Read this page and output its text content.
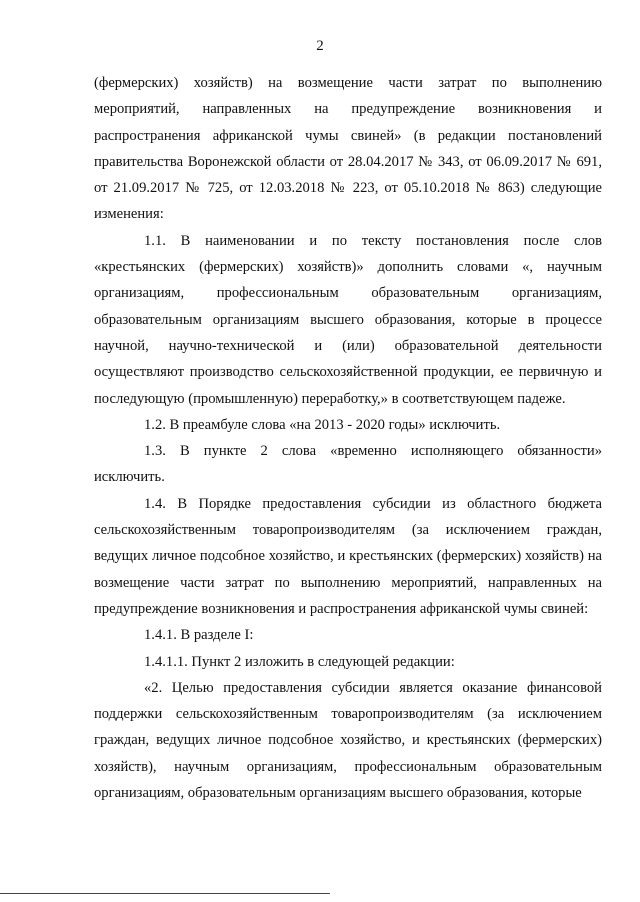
2

(фермерских) хозяйств) на возмещение части затрат по выполнению мероприятий, направленных на предупреждение возникновения и распространения африканской чумы свиней» (в редакции постановлений правительства Воронежской области от 28.04.2017 № 343, от 06.09.2017 № 691, от 21.09.2017 № 725, от 12.03.2018 № 223, от 05.10.2018 № 863) следующие изменения:

1.1. В наименовании и по тексту постановления после слов «крестьянских (фермерских) хозяйств)» дополнить словами «, научным организациям, профессиональным образовательным организациям, образовательным организациям высшего образования, которые в процессе научной, научно-технической и (или) образовательной деятельности осуществляют производство сельскохозяйственной продукции, ее первичную и последующую (промышленную) переработку,» в соответствующем падеже.

1.2. В преамбуле слова «на 2013 - 2020 годы» исключить.

1.3. В пункте 2 слова «временно исполняющего обязанности» исключить.

1.4. В Порядке предоставления субсидии из областного бюджета сельскохозяйственным товаропроизводителям (за исключением граждан, ведущих личное подсобное хозяйство, и крестьянских (фермерских) хозяйств) на возмещение части затрат по выполнению мероприятий, направленных на предупреждение возникновения и распространения африканской чумы свиней:

1.4.1. В разделе I:

1.4.1.1. Пункт 2 изложить в следующей редакции:

«2. Целью предоставления субсидии является оказание финансовой поддержки сельскохозяйственным товаропроизводителям (за исключением граждан, ведущих личное подсобное хозяйство, и крестьянских (фермерских) хозяйств), научным организациям, профессиональным образовательным организациям, образовательным организациям высшего образования, которые
